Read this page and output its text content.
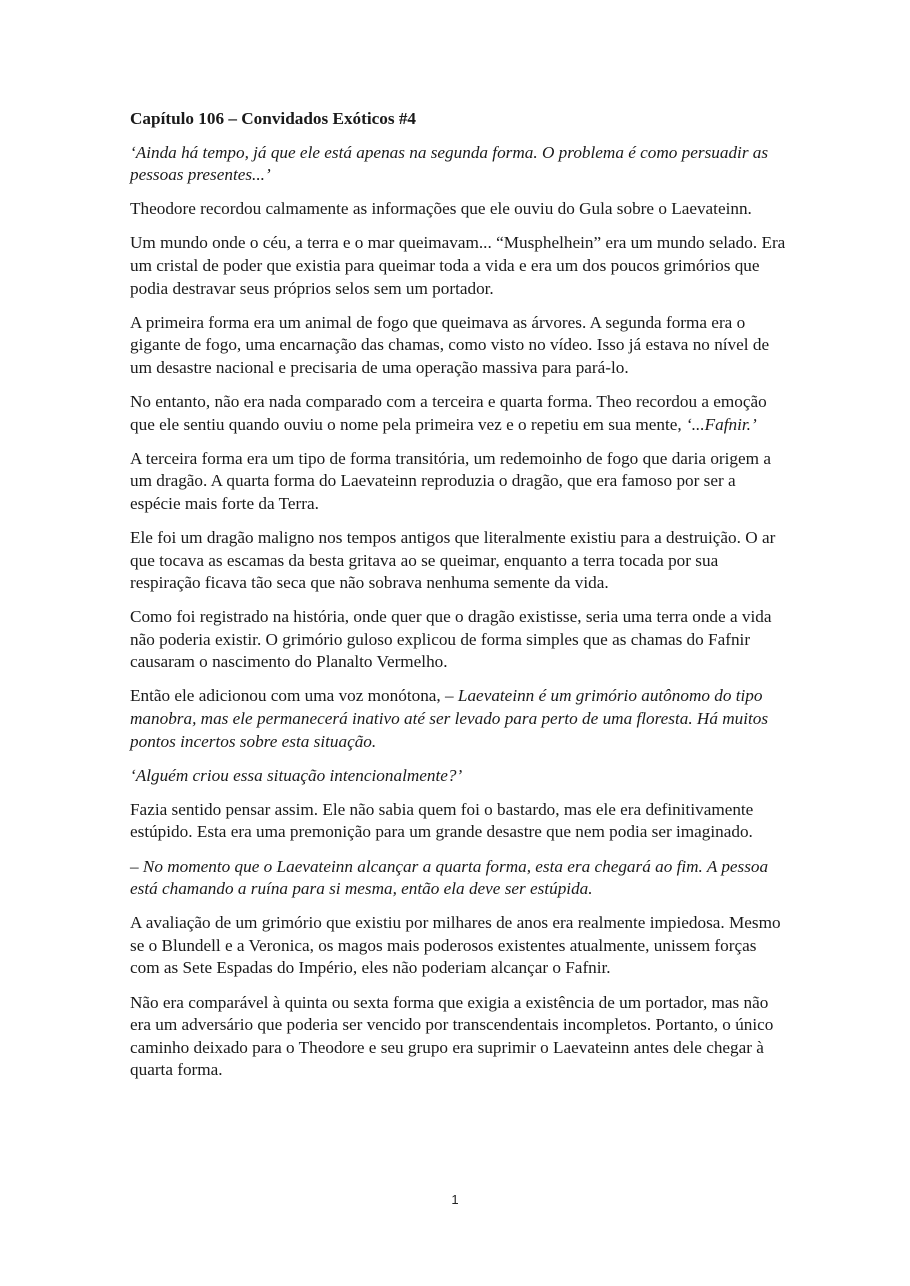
Capítulo 106 – Convidados Exóticos #4

‘Ainda há tempo, já que ele está apenas na segunda forma. O problema é como persuadir as pessoas presentes...’

Theodore recordou calmamente as informações que ele ouviu do Gula sobre o Laevateinn.

Um mundo onde o céu, a terra e o mar queimavam... “Musphelhein” era um mundo selado. Era um cristal de poder que existia para queimar toda a vida e era um dos poucos grimórios que podia destravar seus próprios selos sem um portador.

A primeira forma era um animal de fogo que queimava as árvores. A segunda forma era o gigante de fogo, uma encarnação das chamas, como visto no vídeo. Isso já estava no nível de um desastre nacional e precisaria de uma operação massiva para pará-lo.

No entanto, não era nada comparado com a terceira e quarta forma. Theo recordou a emoção que ele sentiu quando ouviu o nome pela primeira vez e o repetiu em sua mente, ‘...Fafnir.’

A terceira forma era um tipo de forma transitória, um redemoinho de fogo que daria origem a um dragão. A quarta forma do Laevateinn reproduzia o dragão, que era famoso por ser a espécie mais forte da Terra.

Ele foi um dragão maligno nos tempos antigos que literalmente existiu para a destruição. O ar que tocava as escamas da besta gritava ao se queimar, enquanto a terra tocada por sua respiração ficava tão seca que não sobrava nenhuma semente da vida.

Como foi registrado na história, onde quer que o dragão existisse, seria uma terra onde a vida não poderia existir. O grimório guloso explicou de forma simples que as chamas do Fafnir causaram o nascimento do Planalto Vermelho.

Então ele adicionou com uma voz monótona, – Laevateinn é um grimório autônomo do tipo manobra, mas ele permanecerá inativo até ser levado para perto de uma floresta. Há muitos pontos incertos sobre esta situação.

‘Alguém criou essa situação intencionalmente?’

Fazia sentido pensar assim. Ele não sabia quem foi o bastardo, mas ele era definitivamente estúpido. Esta era uma premonição para um grande desastre que nem podia ser imaginado.

– No momento que o Laevateinn alcançar a quarta forma, esta era chegará ao fim. A pessoa está chamando a ruína para si mesma, então ela deve ser estúpida.

A avaliação de um grimório que existiu por milhares de anos era realmente impiedosa. Mesmo se o Blundell e a Veronica, os magos mais poderosos existentes atualmente, unissem forças com as Sete Espadas do Império, eles não poderiam alcançar o Fafnir.

Não era comparável à quinta ou sexta forma que exigia a existência de um portador, mas não era um adversário que poderia ser vencido por transcendentais incompletos. Portanto, o único caminho deixado para o Theodore e seu grupo era suprimir o Laevateinn antes dele chegar à quarta forma.

1
